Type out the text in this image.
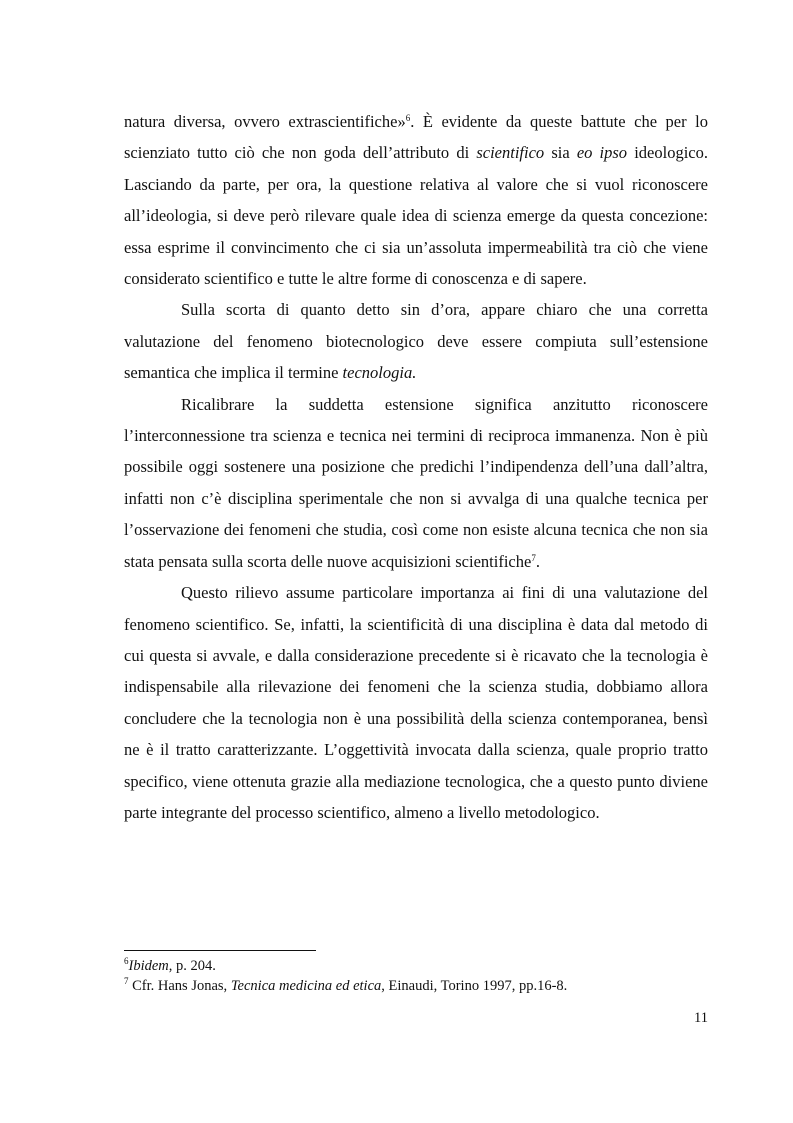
natura diversa, ovvero extrascientifiche»$^6$. È evidente da queste battute che per lo scienziato tutto ciò che non goda dell’attributo di scientifico sia eo ipso ideologico. Lasciando da parte, per ora, la questione relativa al valore che si vuol riconoscere all’ideologia, si deve però rilevare quale idea di scienza emerge da questa concezione: essa esprime il convincimento che ci sia un’assoluta impermeabilità tra ciò che viene considerato scientifico e tutte le altre forme di conoscenza e di sapere.

Sulla scorta di quanto detto sin d’ora, appare chiaro che una corretta valutazione del fenomeno biotecnologico deve essere compiuta sull’estensione semantica che implica il termine tecnologia.

Ricalibrare la suddetta estensione significa anzitutto riconoscere l’interconnessione tra scienza e tecnica nei termini di reciproca immanenza. Non è più possibile oggi sostenere una posizione che predichi l’indipendenza dell’una dall’altra, infatti non c’è disciplina sperimentale che non si avvalga di una qualche tecnica per l’osservazione dei fenomeni che studia, così come non esiste alcuna tecnica che non sia stata pensata sulla scorta delle nuove acquisizioni scientifiche$^7$.

Questo rilievo assume particolare importanza ai fini di una valutazione del fenomeno scientifico. Se, infatti, la scientificità di una disciplina è data dal metodo di cui questa si avvale, e dalla considerazione precedente si è ricavato che la tecnologia è indispensabile alla rilevazione dei fenomeni che la scienza studia, dobbiamo allora concludere che la tecnologia non è una possibilità della scienza contemporanea, bensì ne è il tratto caratterizzante. L’oggettività invocata dalla scienza, quale proprio tratto specifico, viene ottenuta grazie alla mediazione tecnologica, che a questo punto diviene parte integrante del processo scientifico, almeno a livello metodologico.

$^6$Ibidem, p. 204.
$^7$ Cfr. Hans Jonas, Tecnica medicina ed etica, Einaudi, Torino 1997, pp.16-8.
11
